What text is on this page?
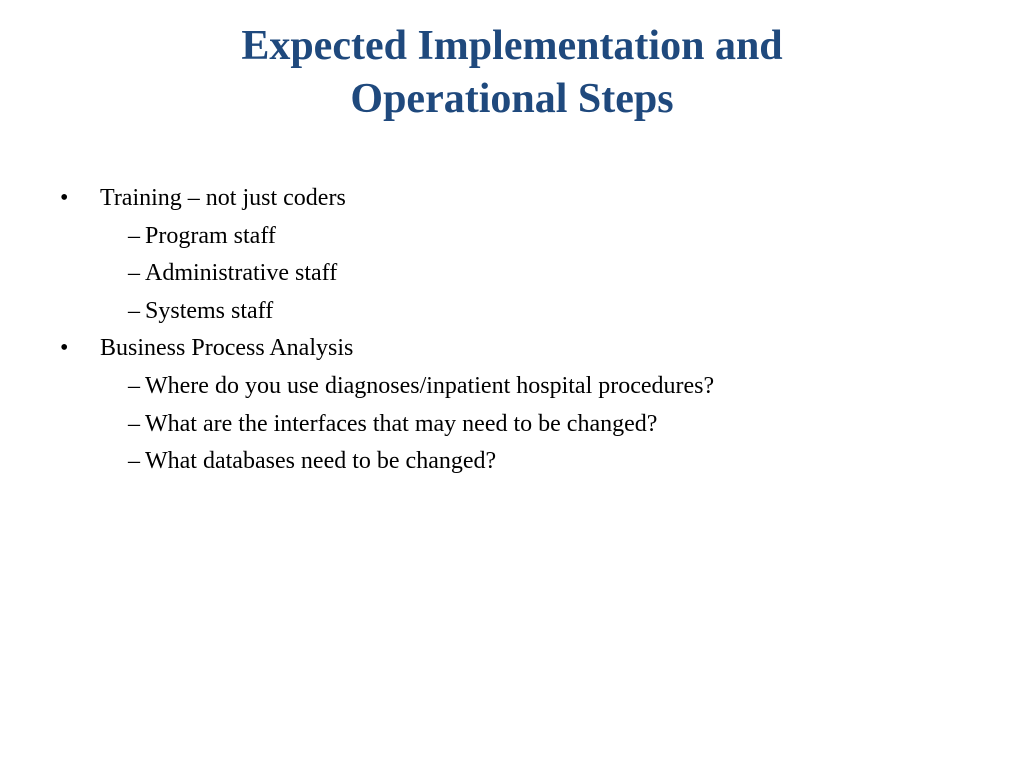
Expected Implementation and
Operational Steps
• Training – not just coders
– Program staff
– Administrative staff
– Systems staff
• Business Process Analysis
– Where do you use diagnoses/inpatient hospital procedures?
– What are the interfaces that may need to be changed?
– What databases need to be changed?
